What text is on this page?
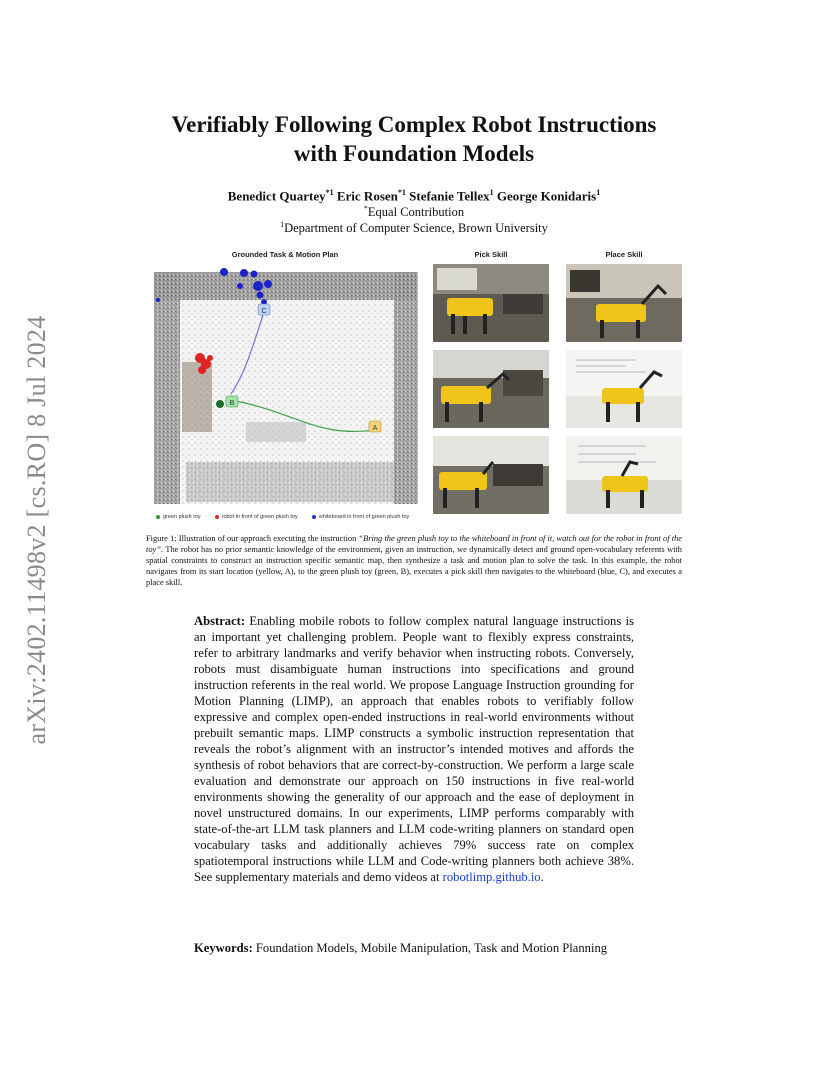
arXiv:2402.11498v2 [cs.RO] 8 Jul 2024
Verifiably Following Complex Robot Instructions
with Foundation Models
Benedict Quartey$^{*1}$ Eric Rosen$^{*1}$ Stefanie Tellex$^1$ George Konidaris$^1$
*Equal Contribution
$^1$Department of Computer Science, Brown University
Grounded Task & Motion Plan	Pick Skill	Place Skill
A
B
C
green plush toy	robot in front of green plush toy	whiteboard in front of green plush toy
Figure 1: Illustration of our approach executing the instruction “Bring the green plush toy to the whiteboard in front of it, watch out for the robot in front of the toy”. The robot has no prior semantic knowledge of the environment, given an instruction, we dynamically detect and ground open-vocabulary referents with spatial constraints to construct an instruction specific semantic map, then synthesize a task and motion plan to solve the task. In this example, the robot navigates from its start location (yellow, A), to the green plush toy (green, B), executes a pick skill then navigates to the whiteboard (blue, C), and executes a place skill.
Abstract: Enabling mobile robots to follow complex natural language instructions is an important yet challenging problem. People want to flexibly express constraints, refer to arbitrary landmarks and verify behavior when instructing robots. Conversely, robots must disambiguate human instructions into specifications and ground instruction referents in the real world. We propose Language Instruction grounding for Motion Planning (LIMP), an approach that enables robots to verifiably follow expressive and complex open-ended instructions in real-world environments without prebuilt semantic maps. LIMP constructs a symbolic instruction representation that reveals the robot’s alignment with an instructor’s intended motives and affords the synthesis of robot behaviors that are correct-by-construction. We perform a large scale evaluation and demonstrate our approach on 150 instructions in five real-world environments showing the generality of our approach and the ease of deployment in novel unstructured domains. In our experiments, LIMP performs comparably with state-of-the-art LLM task planners and LLM code-writing planners on standard open vocabulary tasks and additionally achieves 79% success rate on complex spatiotemporal instructions while LLM and Code-writing planners both achieve 38%. See supplementary materials and demo videos at robotlimp.github.io.
Keywords: Foundation Models, Mobile Manipulation, Task and Motion Planning
